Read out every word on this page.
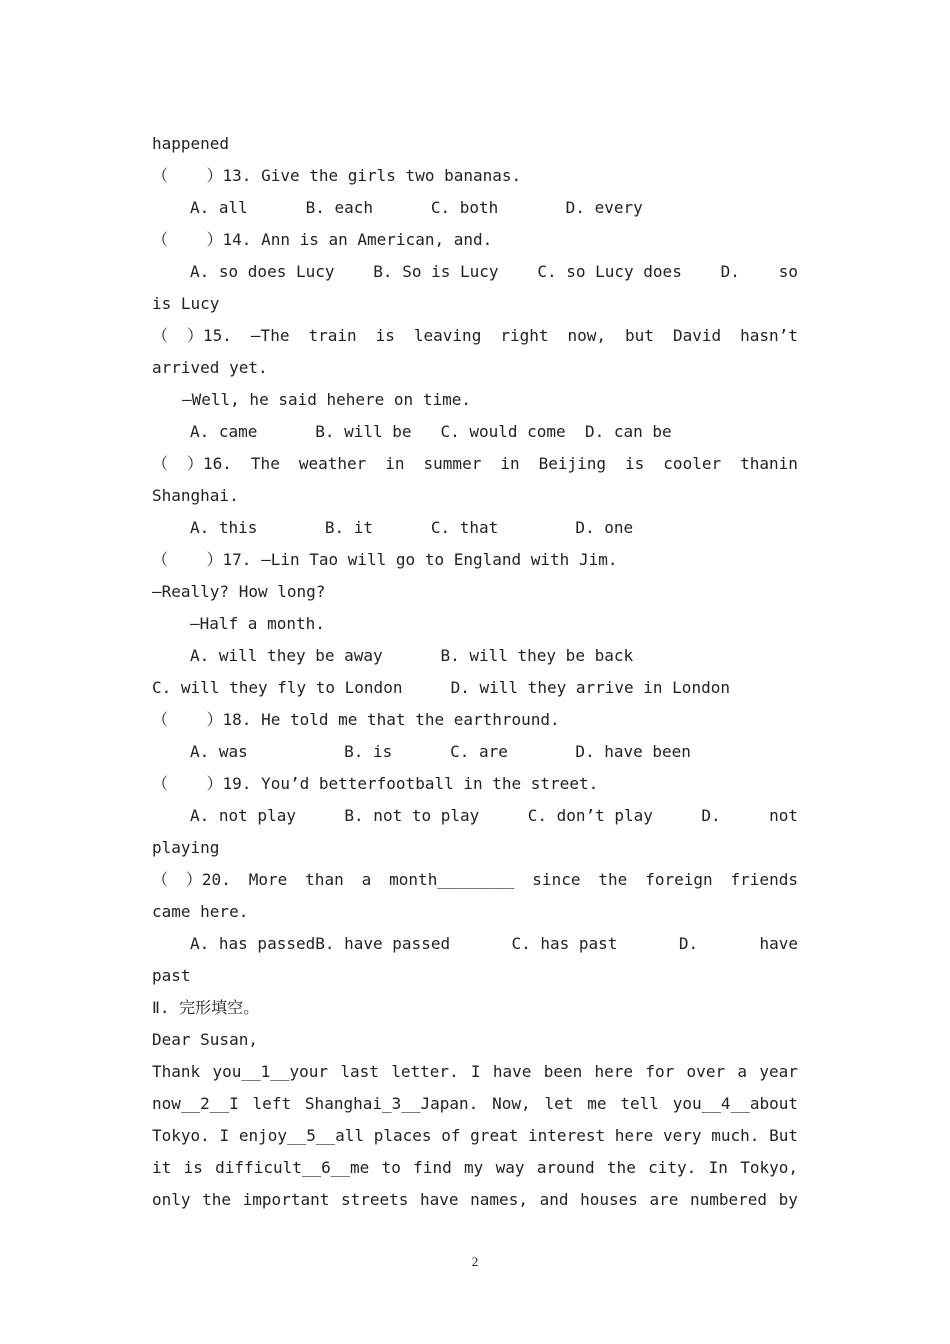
happened
（    ）13. Give the girls two bananas.
A. all      B. each      C. both       D. every
（    ）14. Ann is an American, and.
A. so does Lucy B. So is Lucy C. so Lucy does D. so
is Lucy
（ ）15. —The train is leaving right now, but David hasn’t
arrived yet.
—Well, he said hehere on time.
A. came      B. will be   C. would come  D. can be
（ ）16. The weather in summer in Beijing is cooler thanin
Shanghai.
A. this       B. it      C. that        D. one
（    ）17. —Lin Tao will go to England with Jim.
—Really? How long?
—Half a month.
A. will they be away      B. will they be back
C. will they fly to London     D. will they arrive in London
（    ）18. He told me that the earthround.
A. was          B. is      C. are       D. have been
（    ）19. You’d betterfootball in the street.
A. not play	B. not to play	C. don’t play	D.	not
playing
（ ）20. More than a month________ since the foreign friends
came here.
A. has passedB. have passed	C. has past	D.	have
past
Ⅱ. 完形填空。
Dear Susan,
Thank you__1__your last letter. I have been here for over a year
now__2__I left Shanghai_3__Japan. Now, let me tell you__4__about
Tokyo. I enjoy__5__all places of great interest here very much. But
it is difficult__6__me to find my way around the city. In Tokyo,
only the important streets have names, and houses are numbered by
2
